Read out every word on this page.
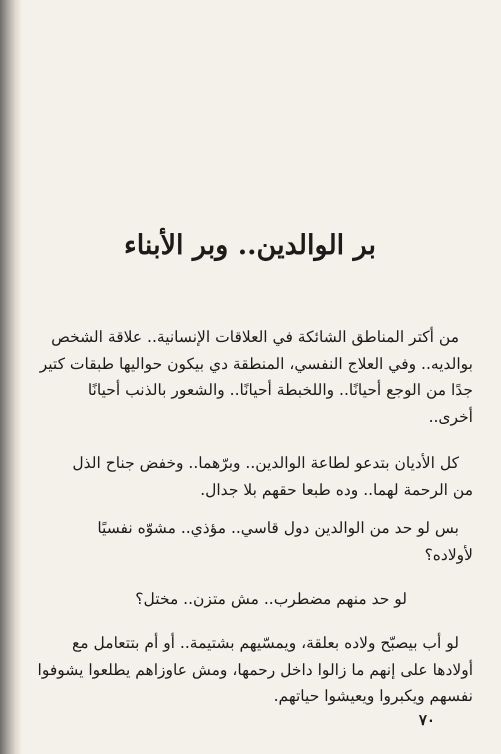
بر الوالدين.. وبر الأبناء

من أكتر المناطق الشائكة في العلاقات الإنسانية.. علاقة الشخص
بوالديه.. وفي العلاج النفسي، المنطقة دي بيكون حواليها طبقات كتير
جدًا من الوجع أحيانًا.. واللخبطة أحيانًا.. والشعور بالذنب أحيانًا
أخرى..

كل الأديان بتدعو لطاعة الوالدين.. وبرّهما.. وخفض جناح الذل
من الرحمة لهما.. وده طبعا حقهم بلا جدال.

بس لو حد من الوالدين دول قاسي.. مؤذي.. مشوّه نفسيًا
لأولاده؟

لو حد منهم مضطرب.. مش متزن.. مختل؟

لو أب بيصبّح ولاده بعلقة، ويمسّيهم بشتيمة.. أو أم بتتعامل مع
أولادها على إنهم ما زالوا داخل رحمها، ومش عاوزاهم يطلعوا يشوفوا
نفسهم ويكبروا ويعيشوا حياتهم.

٧٠
